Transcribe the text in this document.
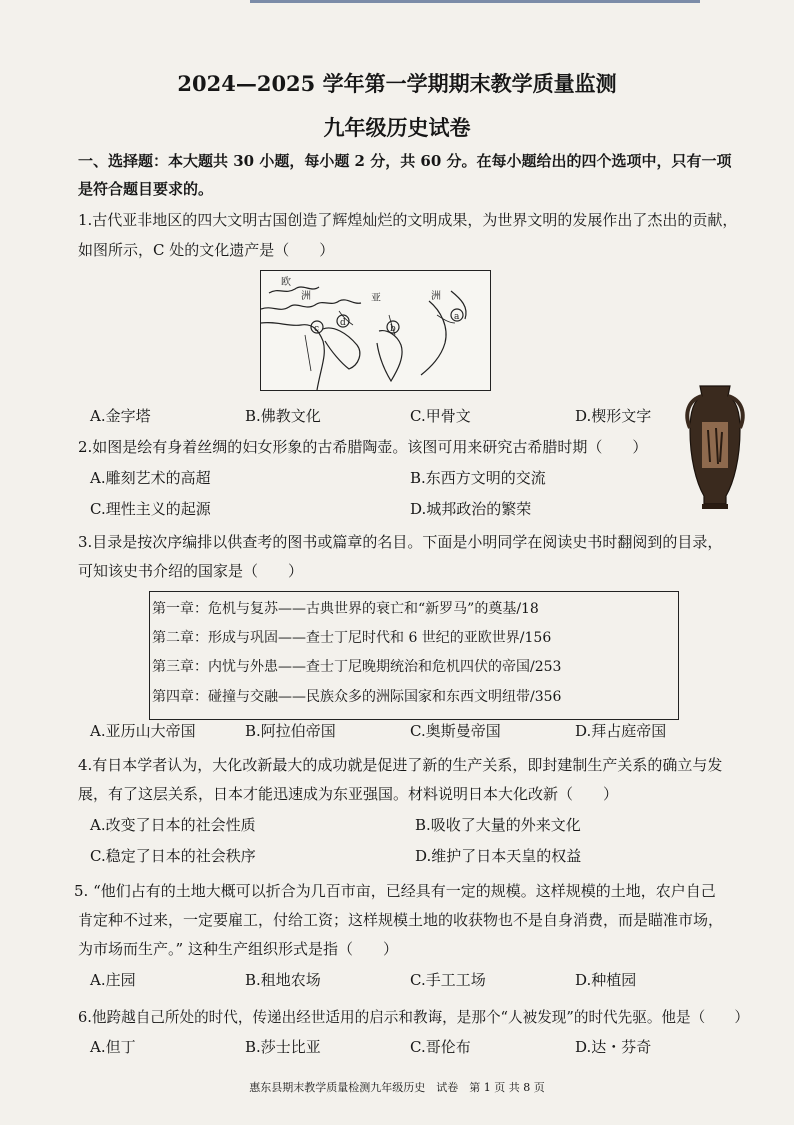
2024—2025 学年第一学期期末教学质量监测
九年级历史试卷
一、选择题：本大题共 30 小题，每小题 2 分，共 60 分。在每小题给出的四个选项中，只有一项
是符合题目要求的。
1.古代亚非地区的四大文明古国创造了辉煌灿烂的文明成果，为世界文明的发展作出了杰出的贡献，
如图所示，C 处的文化遗产是（　　）
欧
洲	亚	洲
a
b
c
d
A.金字塔	B.佛教文化	C.甲骨文	D.楔形文字
2.如图是绘有身着丝绸的妇女形象的古希腊陶壶。该图可用来研究古希腊时期（　　）
A.雕刻艺术的高超	B.东西方文明的交流
C.理性主义的起源	D.城邦政治的繁荣
3.目录是按次序编排以供查考的图书或篇章的名目。下面是小明同学在阅读史书时翻阅到的目录，
可知该史书介绍的国家是（　　）
第一章：危机与复苏——古典世界的衰亡和“新罗马”的奠基/18
第二章：形成与巩固——查士丁尼时代和 6 世纪的亚欧世界/156
第三章：内忧与外患——查士丁尼晚期统治和危机四伏的帝国/253
第四章：碰撞与交融——民族众多的洲际国家和东西文明纽带/356
A.亚历山大帝国	B.阿拉伯帝国	C.奥斯曼帝国	D.拜占庭帝国
4.有日本学者认为，大化改新最大的成功就是促进了新的生产关系，即封建制生产关系的确立与发
展，有了这层关系，日本才能迅速成为东亚强国。材料说明日本大化改新（　　）
A.改变了日本的社会性质	B.吸收了大量的外来文化
C.稳定了日本的社会秩序	D.维护了日本天皇的权益
5. “他们占有的土地大概可以折合为几百市亩，已经具有一定的规模。这样规模的土地，农户自己
肯定种不过来，一定要雇工，付给工资；这样规模土地的收获物也不是自身消费，而是瞄准市场，
为市场而生产。” 这种生产组织形式是指（　　）
A.庄园	B.租地农场	C.手工工场	D.种植园
6.他跨越自己所处的时代，传递出经世适用的启示和教诲，是那个“人被发现”的时代先驱。他是（　　）
A.但丁	B.莎士比亚	C.哥伦布	D.达・芬奇
惠东县期末教学质量检测九年级历史　试卷　第 1 页 共 8 页
